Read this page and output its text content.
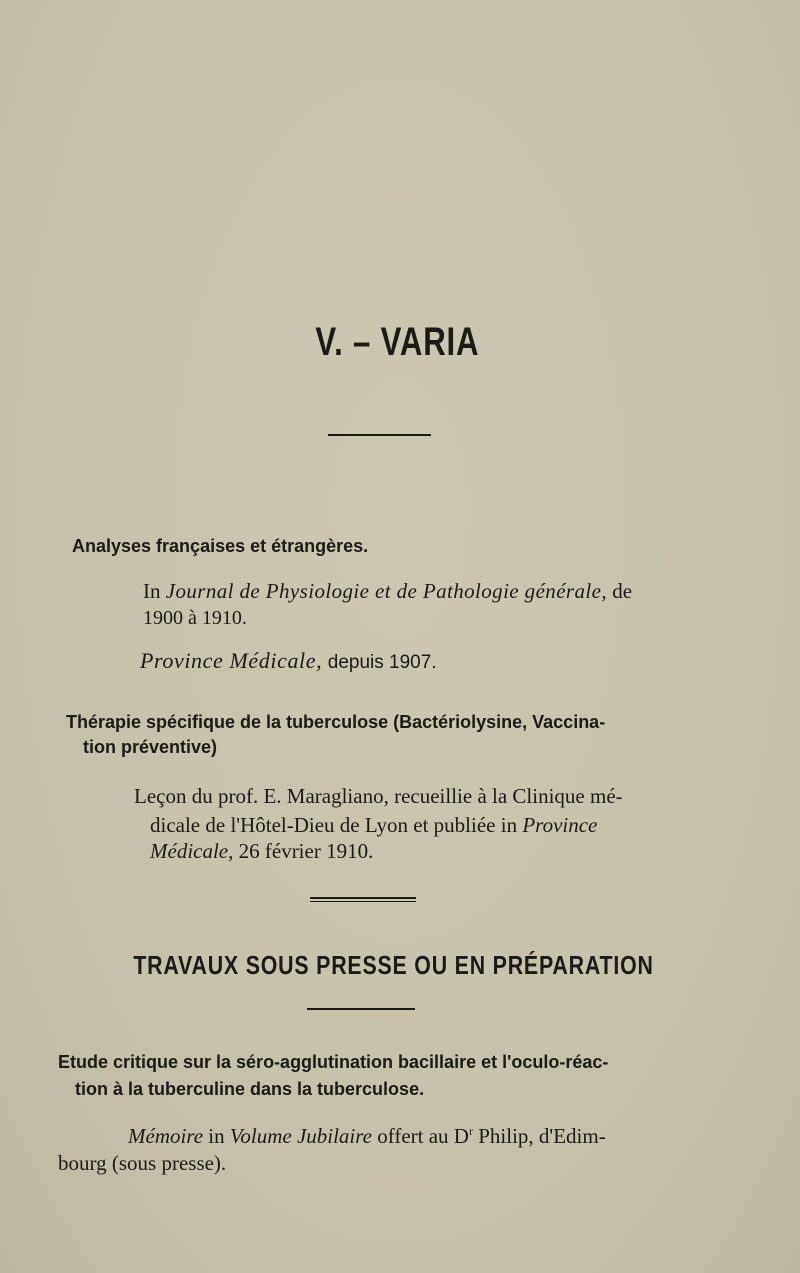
V. – VARIA
Analyses françaises et étrangères.
In Journal de Physiologie et de Pathologie générale, de
1900 à 1910.
Province Médicale, depuis 1907.
Thérapie spécifique de la tuberculose (Bactériolysine, Vaccina-
tion préventive)
Leçon du prof. E. Maragliano, recueillie à la Clinique mé-
dicale de l'Hôtel-Dieu de Lyon et publiée in Province
Médicale, 26 février 1910.
TRAVAUX SOUS PRESSE OU EN PRÉPARATION
Etude critique sur la séro-agglutination bacillaire et l'oculo-réac-
tion à la tuberculine dans la tuberculose.
Mémoire in Volume Jubilaire offert au $D^r$ Philip, d'Edim-
bourg (sous presse).
